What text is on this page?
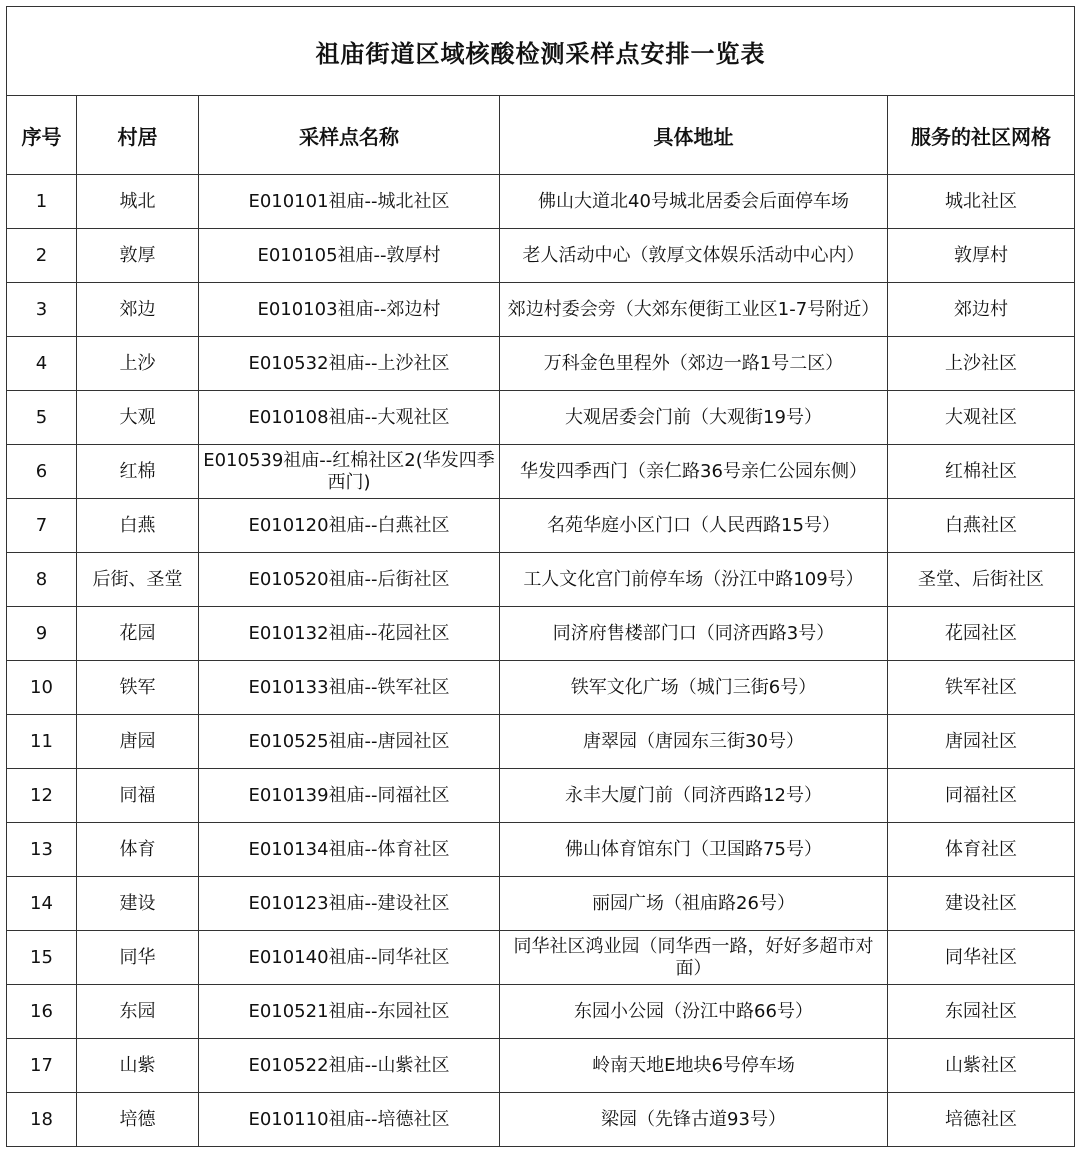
祖庙街道区域核酸检测采样点安排一览表				
序号	村居	采样点名称	具体地址	服务的社区网格
1	城北	E010101祖庙--城北社区	佛山大道北40号城北居委会后面停车场	城北社区
2	敦厚	E010105祖庙--敦厚村	老人活动中心（敦厚文体娱乐活动中心内）	敦厚村
3	郊边	E010103祖庙--郊边村	郊边村委会旁（大郊东便街工业区1-7号附近）	郊边村
4	上沙	E010532祖庙--上沙社区	万科金色里程外（郊边一路1号二区）	上沙社区
5	大观	E010108祖庙--大观社区	大观居委会门前（大观街19号）	大观社区
6	红棉	E010539祖庙--红棉社区2(华发四季西门)	华发四季西门（亲仁路36号亲仁公园东侧）	红棉社区
7	白燕	E010120祖庙--白燕社区	名苑华庭小区门口（人民西路15号）	白燕社区
8	后街、圣堂	E010520祖庙--后街社区	工人文化宫门前停车场（汾江中路109号）	圣堂、后街社区
9	花园	E010132祖庙--花园社区	同济府售楼部门口（同济西路3号）	花园社区
10	铁军	E010133祖庙--铁军社区	铁军文化广场（城门三街6号）	铁军社区
11	唐园	E010525祖庙--唐园社区	唐翠园（唐园东三街30号）	唐园社区
12	同福	E010139祖庙--同福社区	永丰大厦门前（同济西路12号）	同福社区
13	体育	E010134祖庙--体育社区	佛山体育馆东门（卫国路75号）	体育社区
14	建设	E010123祖庙--建设社区	丽园广场（祖庙路26号）	建设社区
15	同华	E010140祖庙--同华社区	同华社区鸿业园（同华西一路，好好多超市对面）	同华社区
16	东园	E010521祖庙--东园社区	东园小公园（汾江中路66号）	东园社区
17	山紫	E010522祖庙--山紫社区	岭南天地E地块6号停车场	山紫社区
18	培德	E010110祖庙--培德社区	梁园（先锋古道93号）	培德社区
